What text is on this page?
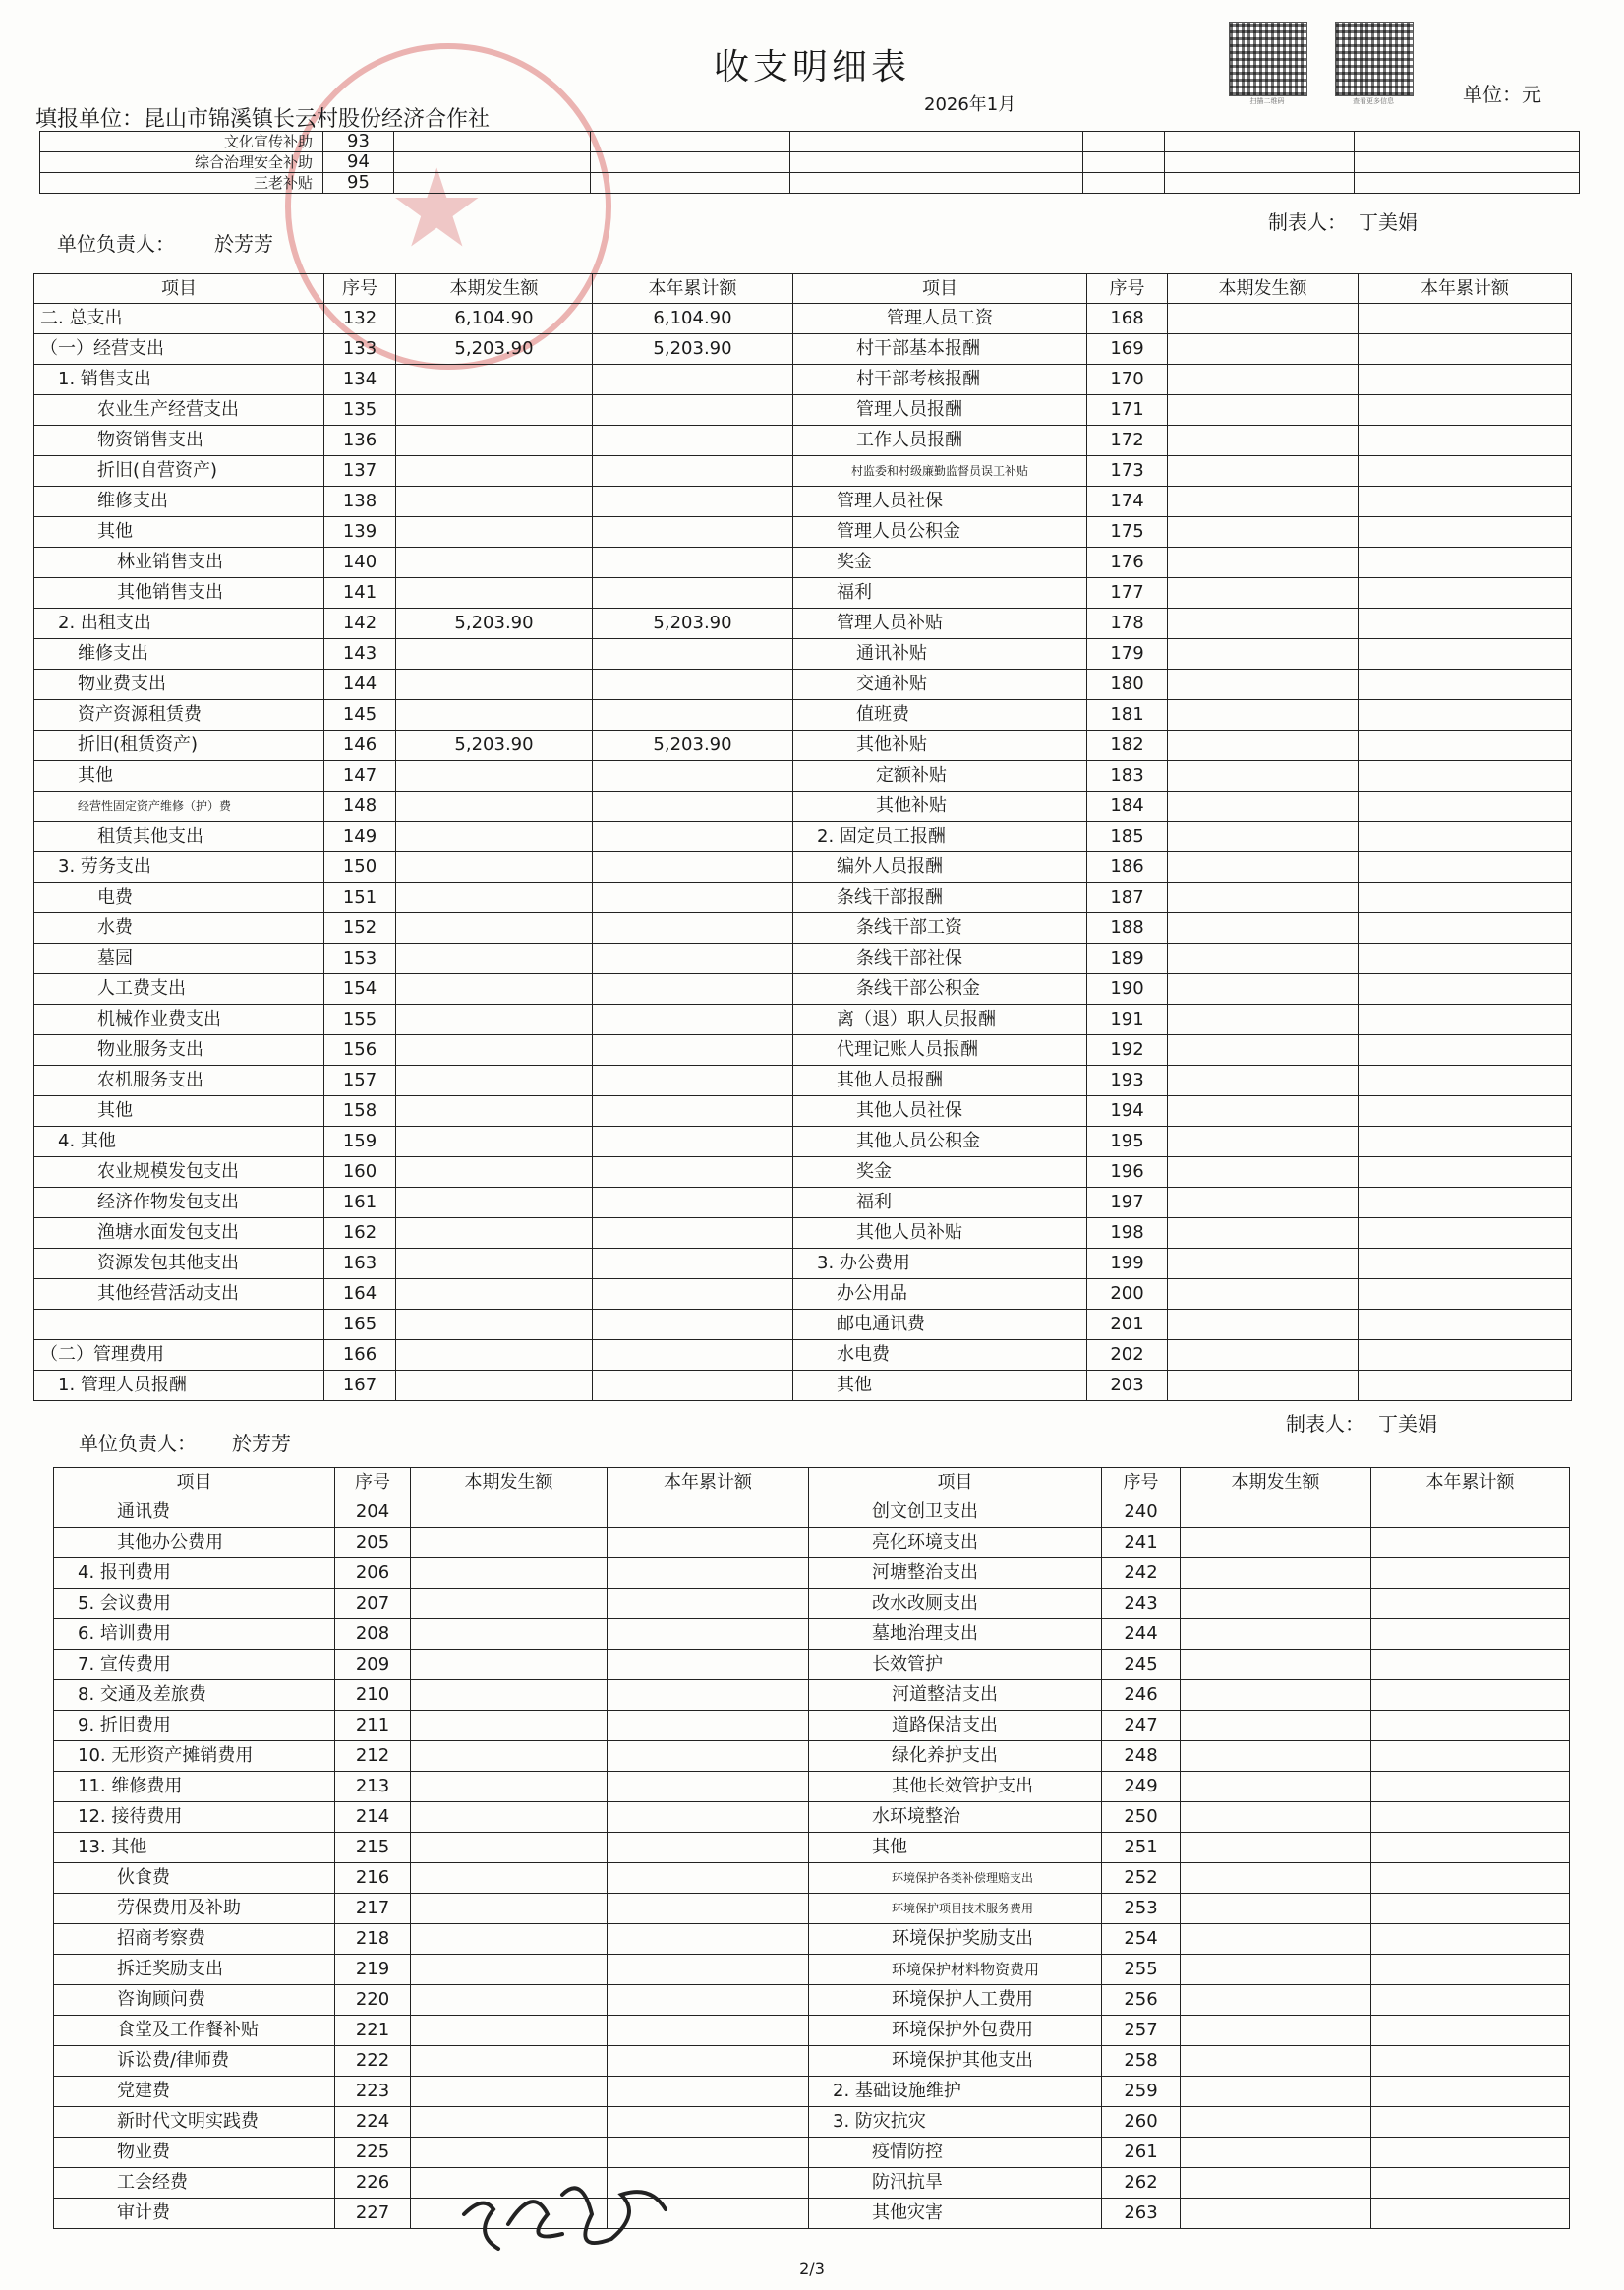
★
收支明细表
2026年1月	单位：元
填报单位：昆山市锦溪镇长云村股份经济合作社
扫描二维码	查看更多信息
文化宣传补助	93						
综合治理安全补助	94						
三老补贴	95						
单位负责人： 於芳芳
制表人： 丁美娟
项目	序号	本期发生额	本年累计额	项目	序号	本期发生额	本年累计额
二. 总支出	132	6,104.90	6,104.90	管理人员工资	168		
（一）经营支出	133	5,203.90	5,203.90	村干部基本报酬	169		
1. 销售支出	134			村干部考核报酬	170		
农业生产经营支出	135			管理人员报酬	171		
物资销售支出	136			工作人员报酬	172		
折旧(自营资产)	137			村监委和村级廉勤监督员误工补贴	173		
维修支出	138			管理人员社保	174		
其他	139			管理人员公积金	175		
林业销售支出	140			奖金	176		
其他销售支出	141			福利	177		
2. 出租支出	142	5,203.90	5,203.90	管理人员补贴	178		
维修支出	143			通讯补贴	179		
物业费支出	144			交通补贴	180		
资产资源租赁费	145			值班费	181		
折旧(租赁资产)	146	5,203.90	5,203.90	其他补贴	182		
其他	147			定额补贴	183		
经营性固定资产维修（护）费	148			其他补贴	184		
租赁其他支出	149			2. 固定员工报酬	185		
3. 劳务支出	150			编外人员报酬	186		
电费	151			条线干部报酬	187		
水费	152			条线干部工资	188		
墓园	153			条线干部社保	189		
人工费支出	154			条线干部公积金	190		
机械作业费支出	155			离（退）职人员报酬	191		
物业服务支出	156			代理记账人员报酬	192		
农机服务支出	157			其他人员报酬	193		
其他	158			其他人员社保	194		
4. 其他	159			其他人员公积金	195		
农业规模发包支出	160			奖金	196		
经济作物发包支出	161			福利	197		
渔塘水面发包支出	162			其他人员补贴	198		
资源发包其他支出	163			3. 办公费用	199		
其他经营活动支出	164			办公用品	200		
	165			邮电通讯费	201		
（二）管理费用	166			水电费	202		
1. 管理人员报酬	167			其他	203		
单位负责人： 於芳芳
制表人： 丁美娟
项目	序号	本期发生额	本年累计额	项目	序号	本期发生额	本年累计额
通讯费	204			创文创卫支出	240		
其他办公费用	205			亮化环境支出	241		
4. 报刊费用	206			河塘整治支出	242		
5. 会议费用	207			改水改厕支出	243		
6. 培训费用	208			墓地治理支出	244		
7. 宣传费用	209			长效管护	245		
8. 交通及差旅费	210			河道整洁支出	246		
9. 折旧费用	211			道路保洁支出	247		
10. 无形资产摊销费用	212			绿化养护支出	248		
11. 维修费用	213			其他长效管护支出	249		
12. 接待费用	214			水环境整治	250		
13. 其他	215			其他	251		
伙食费	216			环境保护各类补偿理赔支出	252		
劳保费用及补助	217			环境保护项目技术服务费用	253		
招商考察费	218			环境保护奖励支出	254		
拆迁奖励支出	219			环境保护材料物资费用	255		
咨询顾问费	220			环境保护人工费用	256		
食堂及工作餐补贴	221			环境保护外包费用	257		
诉讼费/律师费	222			环境保护其他支出	258		
党建费	223			2. 基础设施维护	259		
新时代文明实践费	224			3. 防灾抗灾	260		
物业费	225			疫情防控	261		
工会经费	226			防汛抗旱	262		
审计费	227			其他灾害	263		
2/3
